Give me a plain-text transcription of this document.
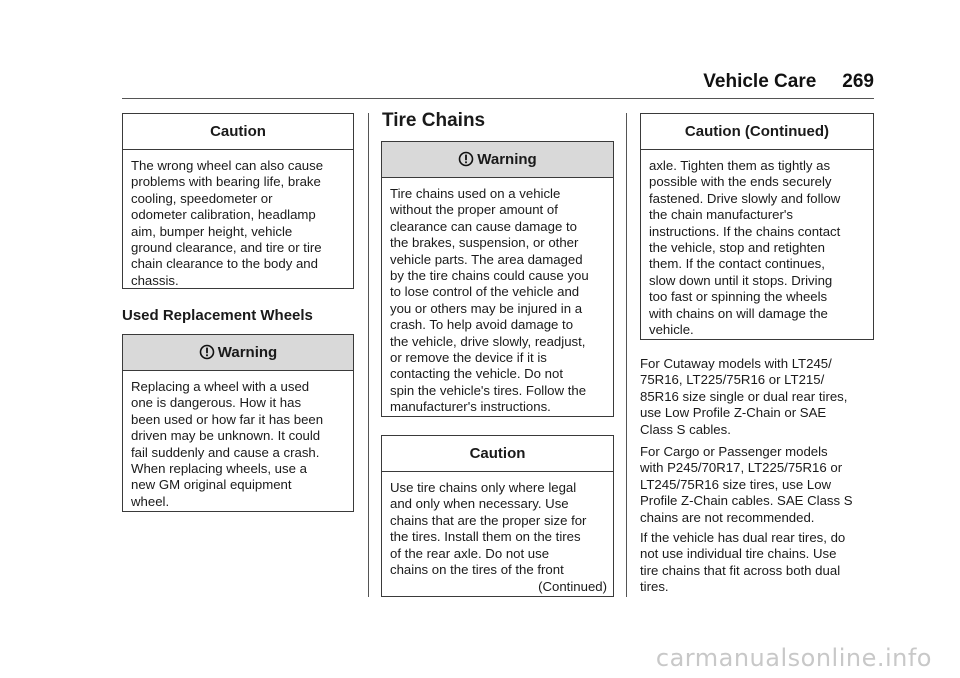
Vehicle Care 269
Caution
The wrong wheel can also cause
problems with bearing life, brake
cooling, speedometer or
odometer calibration, headlamp
aim, bumper height, vehicle
ground clearance, and tire or tire
chain clearance to the body and
chassis.
Used Replacement Wheels
Warning
Replacing a wheel with a used
one is dangerous. How it has
been used or how far it has been
driven may be unknown. It could
fail suddenly and cause a crash.
When replacing wheels, use a
new GM original equipment
wheel.
Tire Chains
Warning
Tire chains used on a vehicle
without the proper amount of
clearance can cause damage to
the brakes, suspension, or other
vehicle parts. The area damaged
by the tire chains could cause you
to lose control of the vehicle and
you or others may be injured in a
crash. To help avoid damage to
the vehicle, drive slowly, readjust,
or remove the device if it is
contacting the vehicle. Do not
spin the vehicle's tires. Follow the
manufacturer's instructions.
Caution
Use tire chains only where legal
and only when necessary. Use
chains that are the proper size for
the tires. Install them on the tires
of the rear axle. Do not use
chains on the tires of the front
(Continued)
Caution (Continued)
axle. Tighten them as tightly as
possible with the ends securely
fastened. Drive slowly and follow
the chain manufacturer's
instructions. If the chains contact
the vehicle, stop and retighten
them. If the contact continues,
slow down until it stops. Driving
too fast or spinning the wheels
with chains on will damage the
vehicle.
For Cutaway models with LT245/
75R16, LT225/75R16 or LT215/
85R16 size single or dual rear tires,
use Low Profile Z-Chain or SAE
Class S cables.
For Cargo or Passenger models
with P245/70R17, LT225/75R16 or
LT245/75R16 size tires, use Low
Profile Z-Chain cables. SAE Class S
chains are not recommended.
If the vehicle has dual rear tires, do
not use individual tire chains. Use
tire chains that fit across both dual
tires.
carmanualsonline.info
